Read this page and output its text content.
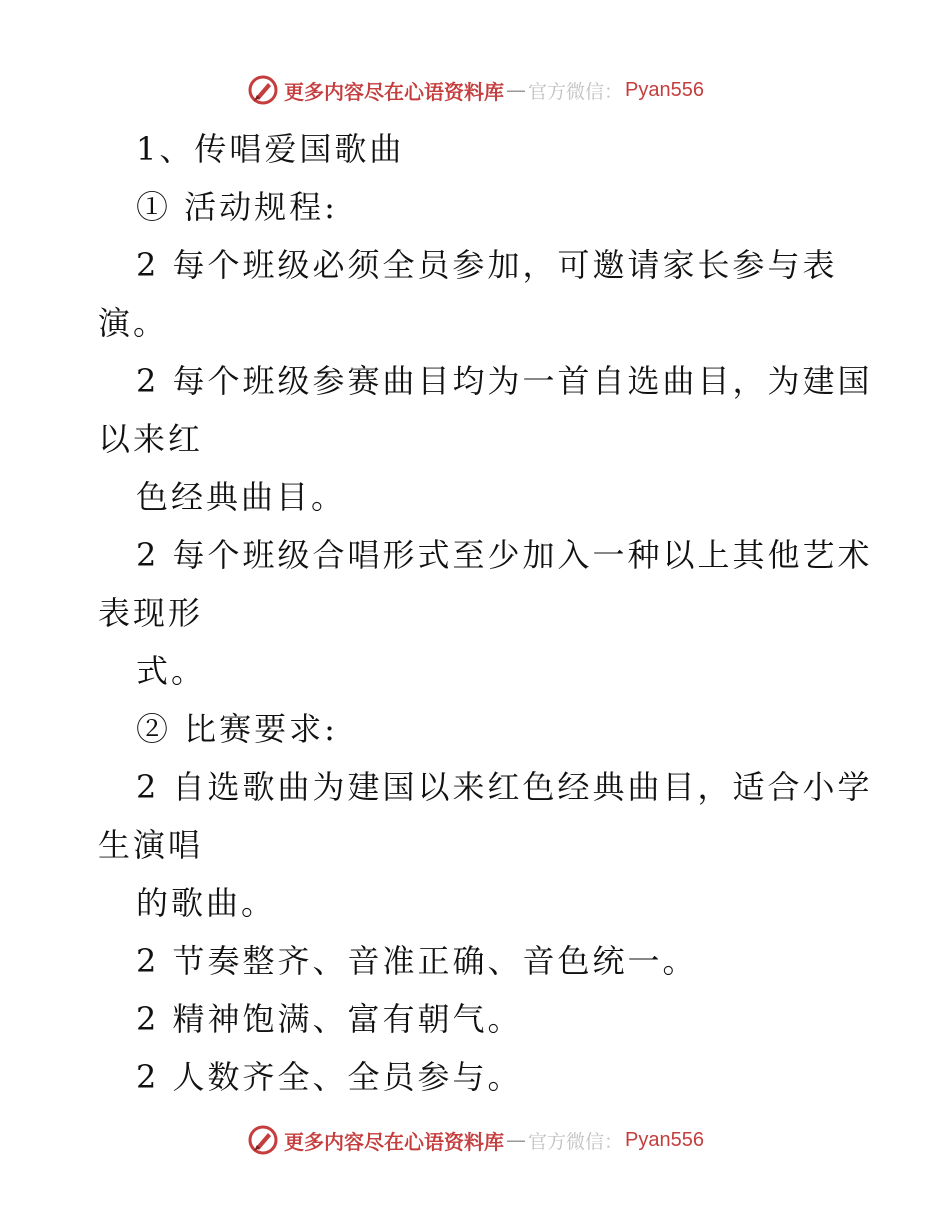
更多内容尽在心语资料库 — 官方微信： Pyan556
1、传唱爱国歌曲
① 活动规程:
2 每个班级必须全员参加，可邀请家长参与表
演。
2 每个班级参赛曲目均为一首自选曲目，为建国
以来红
色经典曲目。
2 每个班级合唱形式至少加入一种以上其他艺术
表现形
式。
② 比赛要求:
2 自选歌曲为建国以来红色经典曲目，适合小学
生演唱
的歌曲。
2 节奏整齐、音准正确、音色统一。
2 精神饱满、富有朝气。
2 人数齐全、全员参与。
更多内容尽在心语资料库 — 官方微信： Pyan556
